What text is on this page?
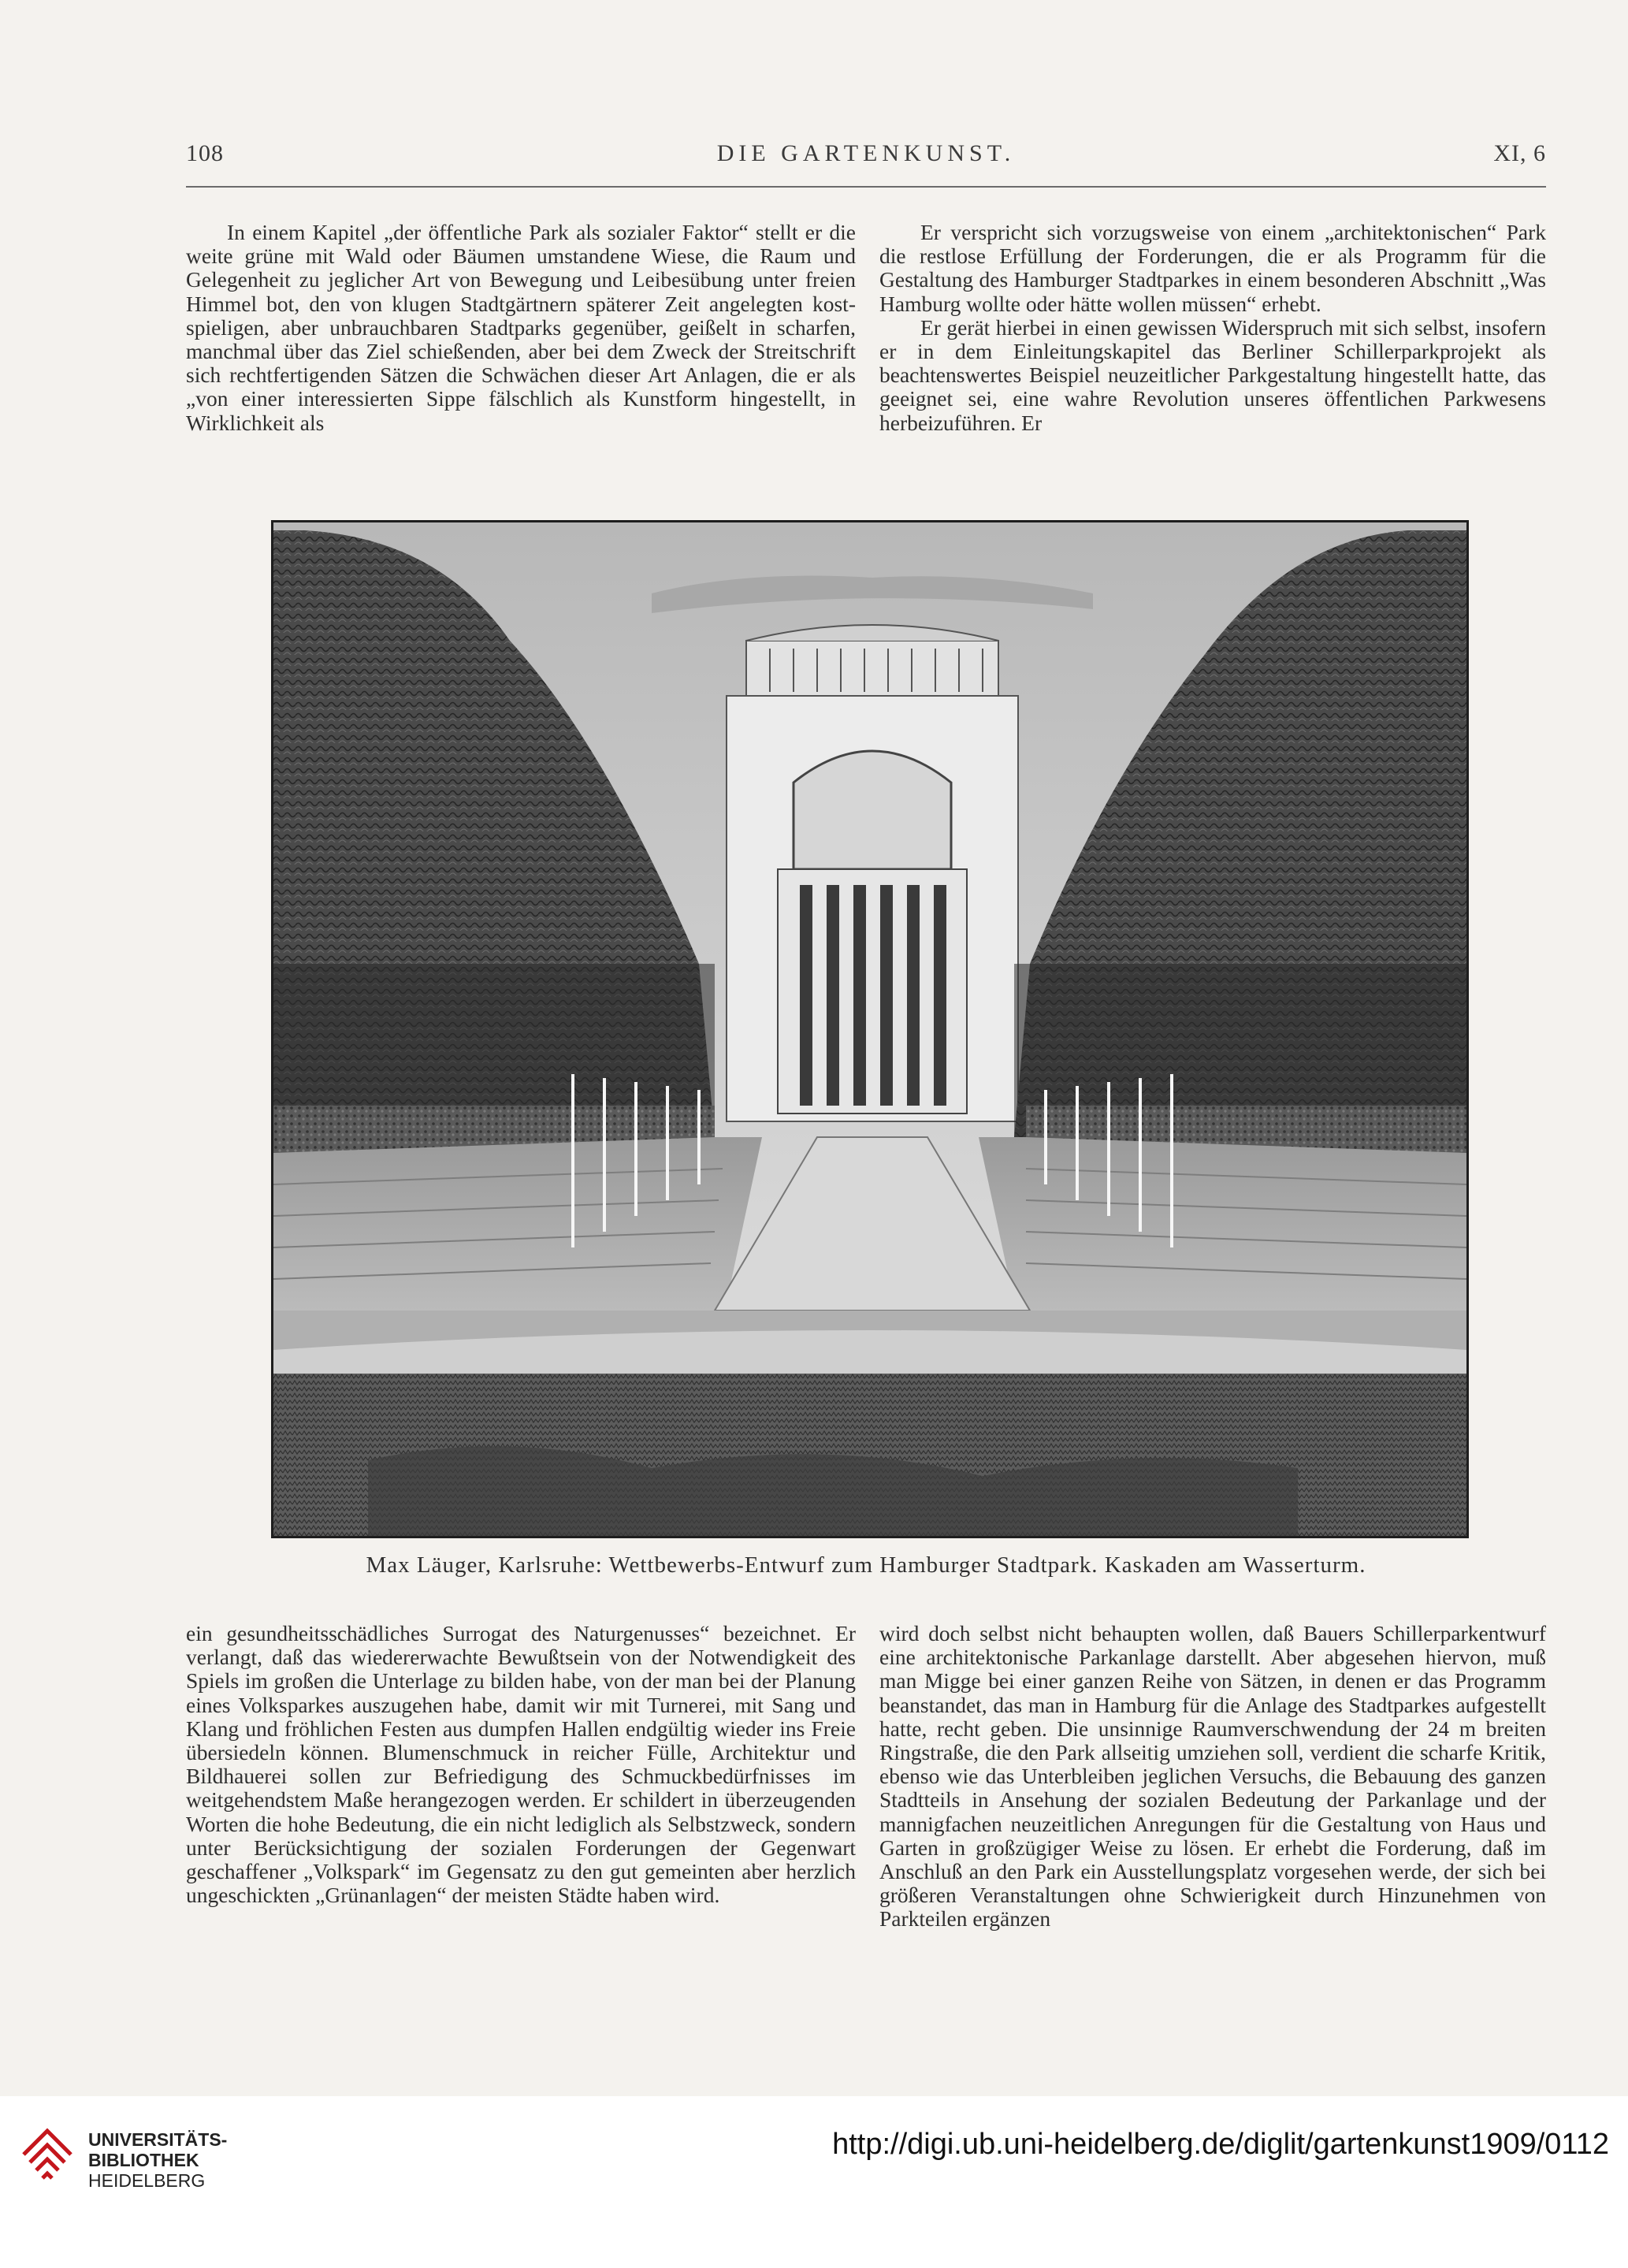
108	DIE GARTENKUNST.	XI, 6

In einem Kapitel „der öffentliche Park als sozialer Faktor“ stellt er die weite grüne mit Wald oder Bäumen umstandene Wiese, die Raum und Gelegenheit zu jeglicher Art von Bewegung und Leibesübung unter freien Himmel bot, den von klugen Stadtgärtnern späterer Zeit angelegten kostspieligen, aber unbrauchbaren Stadtparks gegenüber, geißelt in scharfen, manchmal über das Ziel schießenden, aber bei dem Zweck der Streitschrift sich rechtfertigenden Sätzen die Schwächen dieser Art Anlagen, die er als „von einer interessierten Sippe fälschlich als Kunstform hingestellt, in Wirklichkeit als

Er verspricht sich vorzugsweise von einem „architektonischen“ Park die restlose Erfüllung der Forderungen, die er als Programm für die Gestaltung des Hamburger Stadtparkes in einem besonderen Abschnitt „Was Hamburg wollte oder hätte wollen müssen“ erhebt.

Er gerät hierbei in einen gewissen Widerspruch mit sich selbst, insofern er in dem Einleitungskapitel das Berliner Schillerparkprojekt als beachtenswertes Beispiel neuzeitlicher Parkgestaltung hingestellt hatte, das geeignet sei, eine wahre Revolution unseres öffentlichen Parkwesens herbeizuführen. Er

Max Läuger, Karlsruhe: Wettbewerbs-Entwurf zum Hamburger Stadtpark. Kaskaden am Wasserturm.

ein gesundheitsschädliches Surrogat des Naturgenusses“ bezeichnet. Er verlangt, daß das wiedererwachte Bewußtsein von der Notwendigkeit des Spiels im großen die Unterlage zu bilden habe, von der man bei der Planung eines Volksparkes auszugehen habe, damit wir mit Turnerei, mit Sang und Klang und fröhlichen Festen aus dumpfen Hallen endgültig wieder ins Freie übersiedeln können. Blumenschmuck in reicher Fülle, Architektur und Bildhauerei sollen zur Befriedigung des Schmuckbedürfnisses im weitgehendstem Maße herangezogen werden. Er schildert in überzeugenden Worten die hohe Bedeutung, die ein nicht lediglich als Selbstzweck, sondern unter Berücksichtigung der sozialen Forderungen der Gegenwart geschaffener „Volkspark“ im Gegensatz zu den gut gemeinten aber herzlich ungeschickten „Grünanlagen“ der meisten Städte haben wird.

wird doch selbst nicht behaupten wollen, daß Bauers Schillerparkentwurf eine architektonische Parkanlage darstellt. Aber abgesehen hiervon, muß man Migge bei einer ganzen Reihe von Sätzen, in denen er das Programm beanstandet, das man in Hamburg für die Anlage des Stadtparkes aufgestellt hatte, recht geben. Die unsinnige Raumverschwendung der 24 m breiten Ringstraße, die den Park allseitig umziehen soll, verdient die scharfe Kritik, ebenso wie das Unterbleiben jeglichen Versuchs, die Bebauung des ganzen Stadtteils in Ansehung der sozialen Bedeutung der Parkanlage und der mannigfachen neuzeitlichen Anregungen für die Gestaltung von Haus und Garten in großzügiger Weise zu lösen. Er erhebt die Forderung, daß im Anschluß an den Park ein Ausstellungsplatz vorgesehen werde, der sich bei größeren Veranstaltungen ohne Schwierigkeit durch Hinzunehmen von Parkteilen ergänzen

UNIVERSITÄTS-
BIBLIOTHEK
HEIDELBERG
http://digi.ub.uni-heidelberg.de/diglit/gartenkunst1909/0112
